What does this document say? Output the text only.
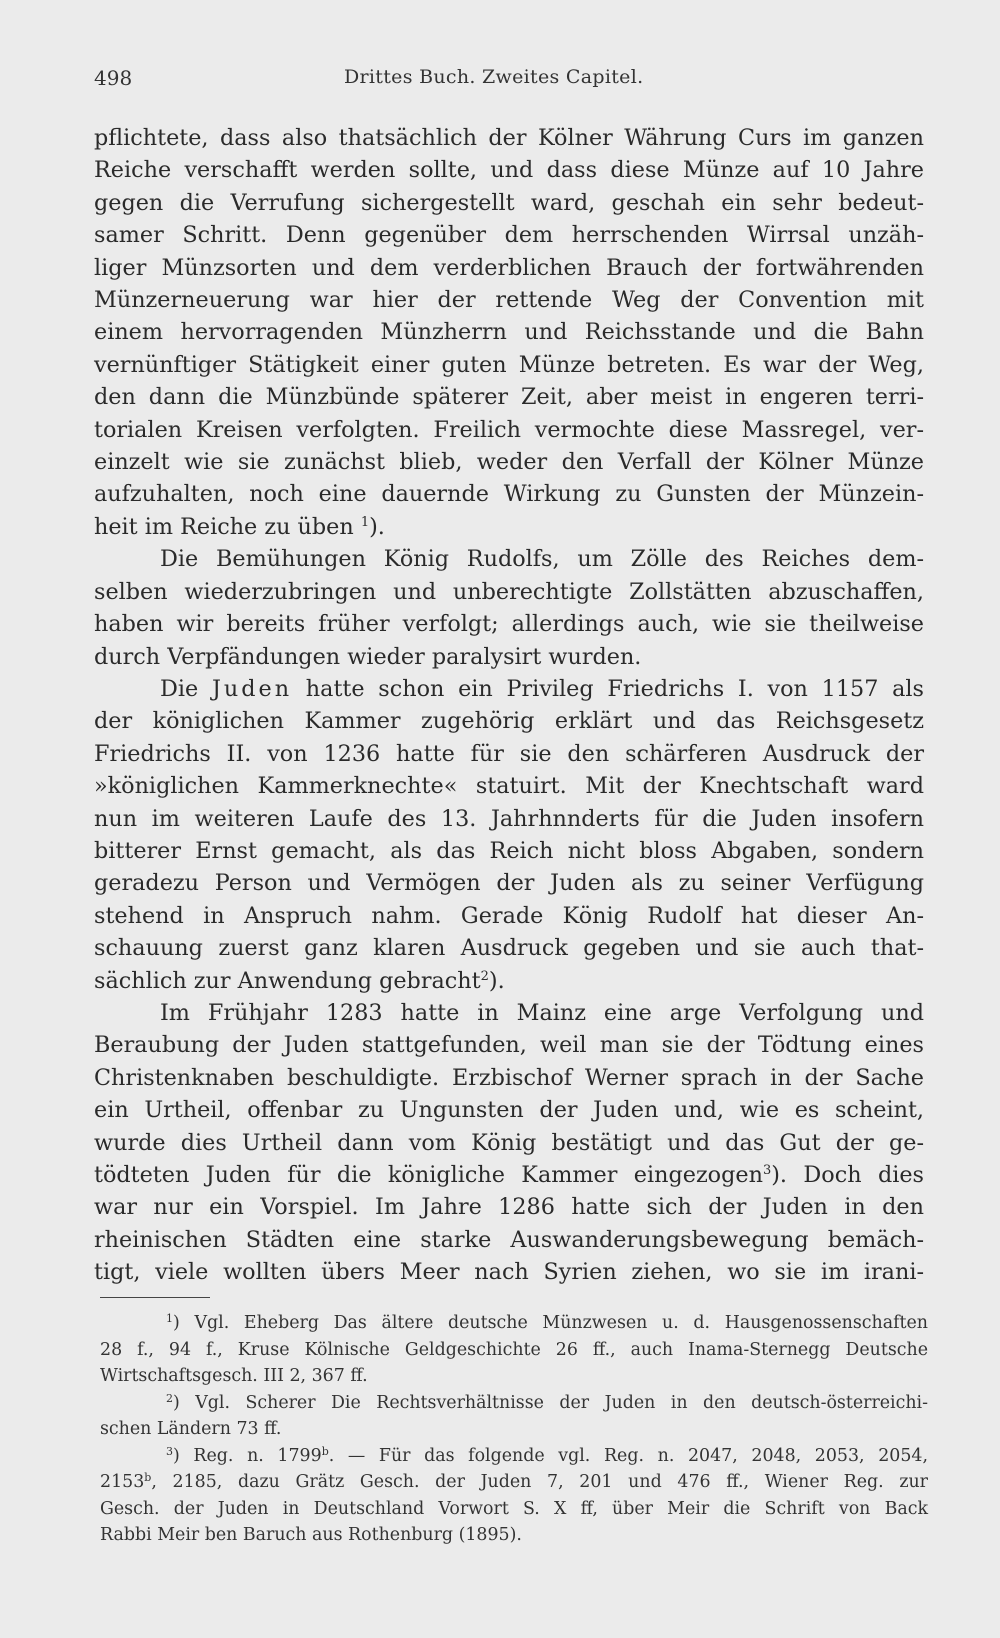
498	Drittes Buch. Zweites Capitel.

pflichtete, dass also thatsächlich der Kölner Währung Curs im ganzen

Reiche verschafft werden sollte, und dass diese Münze auf 10 Jahre

gegen die Verrufung sichergestellt ward, geschah ein sehr bedeut-

samer Schritt. Denn gegenüber dem herrschenden Wirrsal unzäh-

liger Münzsorten und dem verderblichen Brauch der fortwährenden

Münzerneuerung war hier der rettende Weg der Convention mit

einem hervorragenden Münzherrn und Reichsstande und die Bahn

vernünftiger Stätigkeit einer guten Münze betreten. Es war der Weg,

den dann die Münzbünde späterer Zeit, aber meist in engeren terri-

torialen Kreisen verfolgten. Freilich vermochte diese Massregel, ver-

einzelt wie sie zunächst blieb, weder den Verfall der Kölner Münze

aufzuhalten, noch eine dauernde Wirkung zu Gunsten der Münzein-

heit im Reiche zu üben $^1$).

Die Bemühungen König Rudolfs, um Zölle des Reiches dem-

selben wiederzubringen und unberechtigte Zollstätten abzuschaffen,

haben wir bereits früher verfolgt; allerdings auch, wie sie theilweise

durch Verpfändungen wieder paralysirt wurden.

Die Juden hatte schon ein Privileg Friedrichs I. von 1157 als

der königlichen Kammer zugehörig erklärt und das Reichsgesetz

Friedrichs II. von 1236 hatte für sie den schärferen Ausdruck der

»königlichen Kammerknechte« statuirt. Mit der Knechtschaft ward

nun im weiteren Laufe des 13. Jahrhnnderts für die Juden insofern

bitterer Ernst gemacht, als das Reich nicht bloss Abgaben, sondern

geradezu Person und Vermögen der Juden als zu seiner Verfügung

stehend in Anspruch nahm. Gerade König Rudolf hat dieser An-

schauung zuerst ganz klaren Ausdruck gegeben und sie auch that-

sächlich zur Anwendung gebracht$^2$).

Im Frühjahr 1283 hatte in Mainz eine arge Verfolgung und

Beraubung der Juden stattgefunden, weil man sie der Tödtung eines

Christenknaben beschuldigte. Erzbischof Werner sprach in der Sache

ein Urtheil, offenbar zu Ungunsten der Juden und, wie es scheint,

wurde dies Urtheil dann vom König bestätigt und das Gut der ge-

tödteten Juden für die königliche Kammer eingezogen$^3$). Doch dies

war nur ein Vorspiel. Im Jahre 1286 hatte sich der Juden in den

rheinischen Städten eine starke Auswanderungsbewegung bemäch-

tigt, viele wollten übers Meer nach Syrien ziehen, wo sie im irani-

$^1$) Vgl. Eheberg Das ältere deutsche Münzwesen u. d. Hausgenossenschaften

28 f., 94 f., Kruse Kölnische Geldgeschichte 26 ff., auch Inama-Sternegg Deutsche

Wirtschaftsgesch. III 2, 367 ff.

$^2$) Vgl. Scherer Die Rechtsverhältnisse der Juden in den deutsch-österreichi-

schen Ländern 73 ff.

$^3$) Reg. n. 1799$^b$. — Für das folgende vgl. Reg. n. 2047, 2048, 2053, 2054,

2153$^b$, 2185, dazu Grätz Gesch. der Juden 7, 201 und 476 ff., Wiener Reg. zur

Gesch. der Juden in Deutschland Vorwort S. X ff, über Meir die Schrift von Back

Rabbi Meir ben Baruch aus Rothenburg (1895).
